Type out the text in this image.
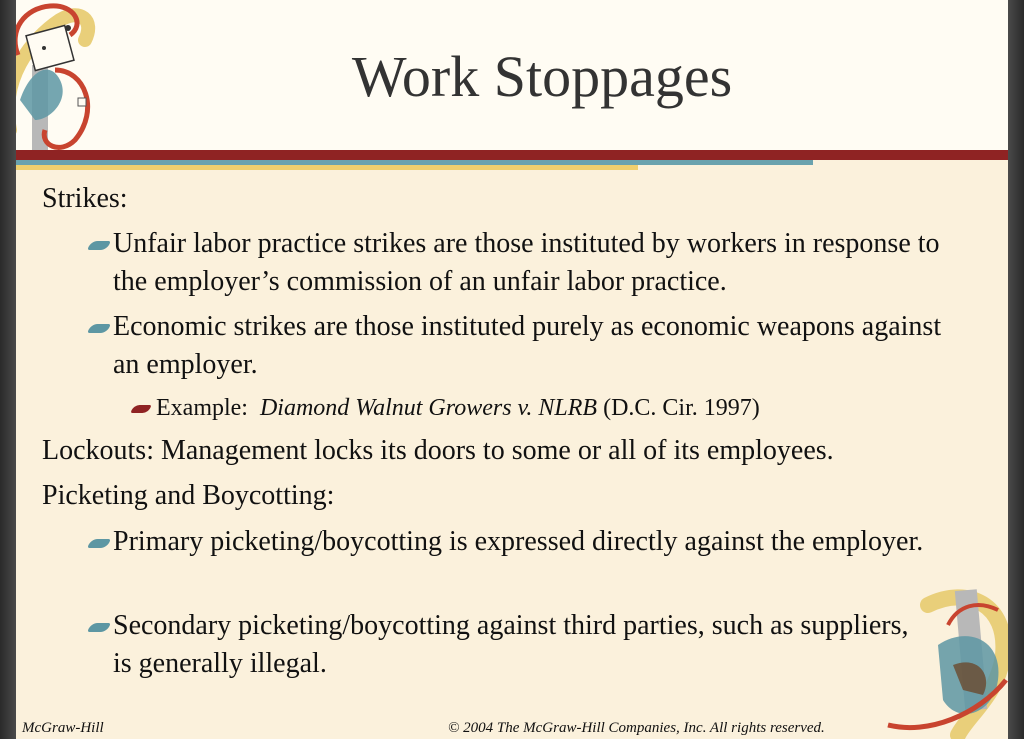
Work Stoppages
Strikes:
Unfair labor practice strikes are those instituted by workers in response to the employer’s commission of an unfair labor practice.
Economic strikes are those instituted purely as economic weapons against an employer.
Example:  Diamond Walnut Growers v. NLRB (D.C. Cir. 1997)
Lockouts: Management locks its doors to some or all of its employees.
Picketing and Boycotting:
Primary picketing/boycotting is expressed directly against the employer.
Secondary picketing/boycotting against third parties, such as suppliers, is generally illegal.
McGraw-Hill	© 2004 The McGraw-Hill Companies, Inc. All rights reserved.
